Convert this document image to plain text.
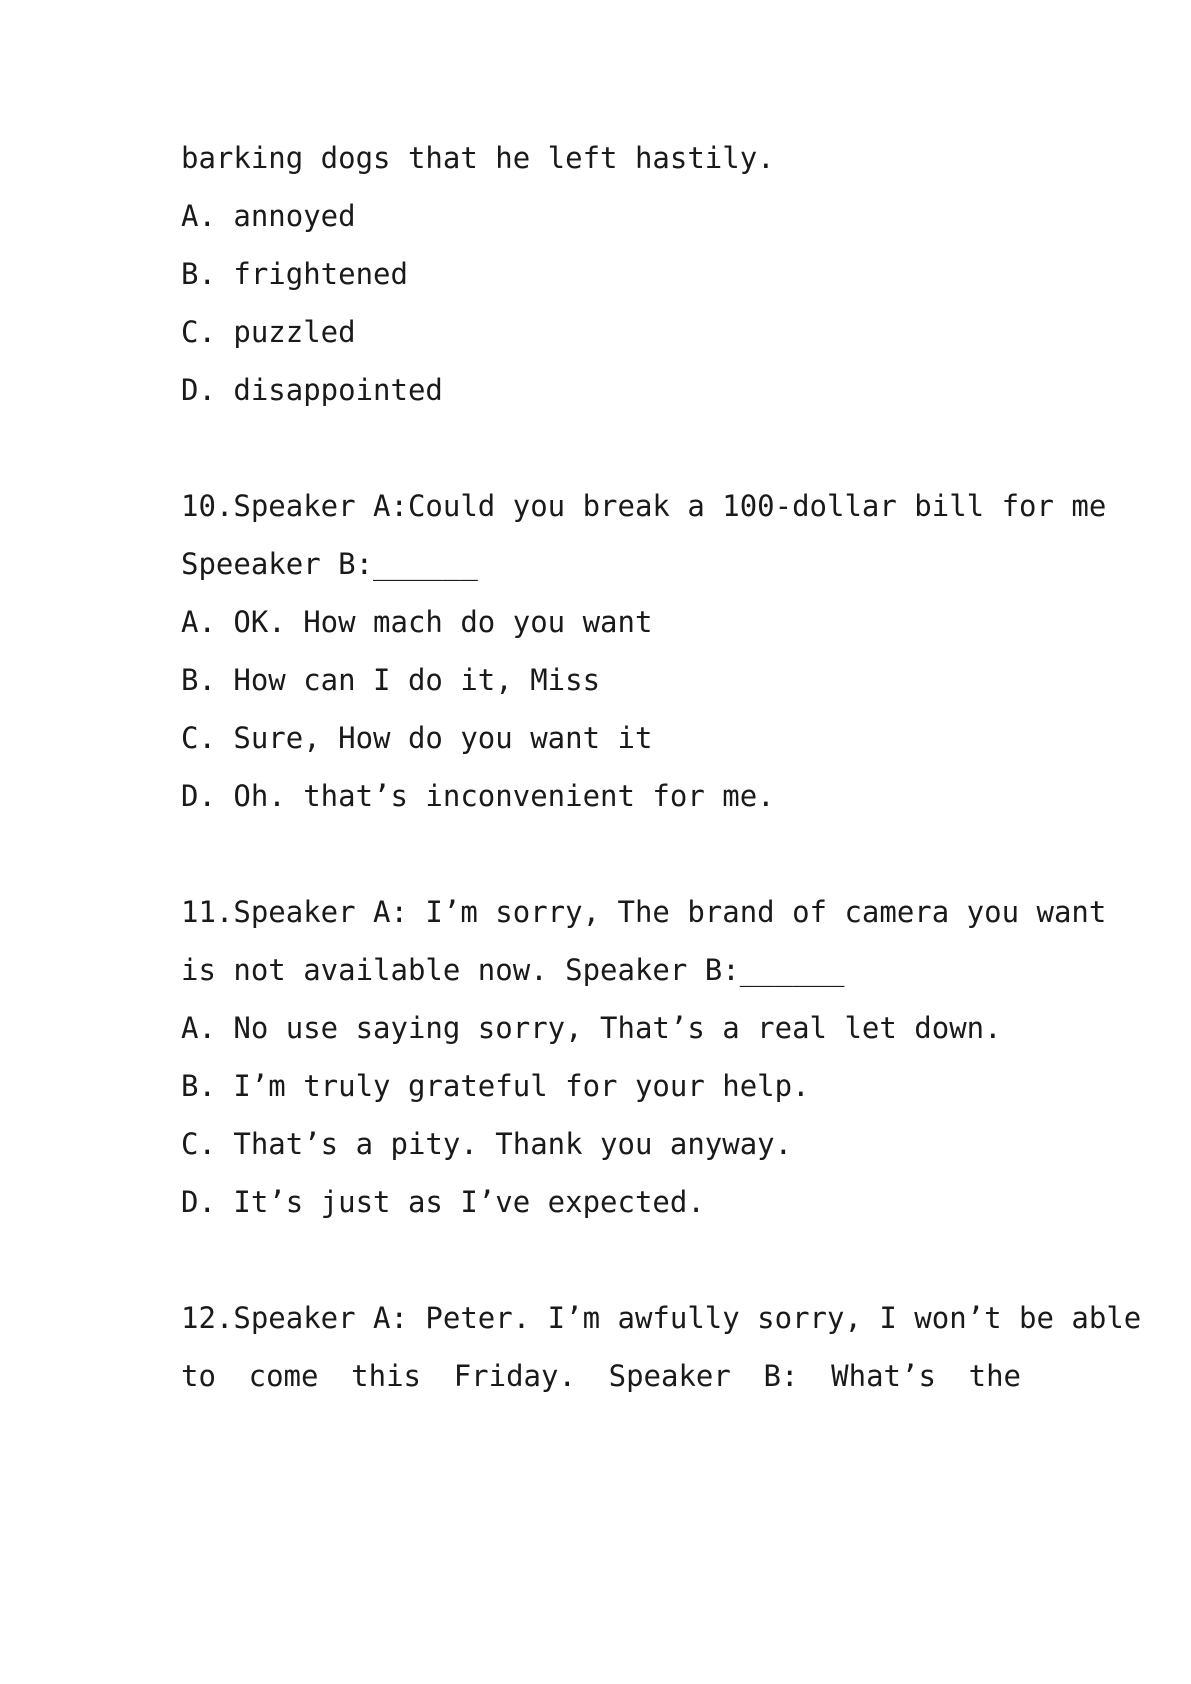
barking dogs that he left hastily.

A. annoyed

B. frightened

C. puzzled

D. disappointed

10.Speaker A:Could you break a 100-dollar bill for me

Speeaker B:______

A. OK. How mach do you want

B. How can I do it, Miss

C. Sure, How do you want it

D. Oh. that’s inconvenient for me.

11.Speaker A: I’m sorry, The brand of camera you want

is not available now. Speaker B:______

A. No use saying sorry, That’s a real let down.

B. I’m truly grateful for your help.

C. That’s a pity. Thank you anyway.

D. It’s just as I’ve expected.

12.Speaker A: Peter. I’m awfully sorry, I won’t be able

to come this Friday. Speaker B: What’s the
